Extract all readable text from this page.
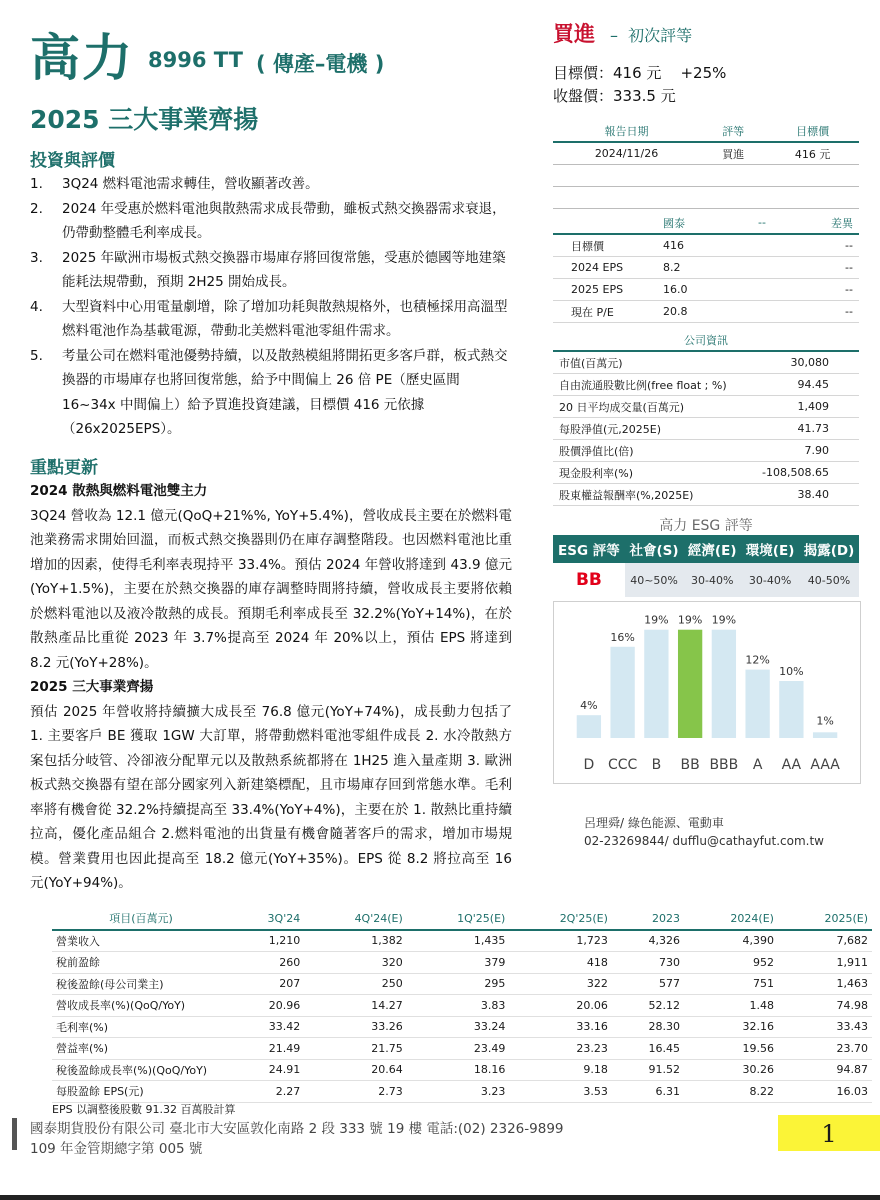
高力 8996 TT ( 傳產–電機 )
2025 三大事業齊揚
投資與評價
1. 3Q24 燃料電池需求轉佳，營收顯著改善。
2. 2024 年受惠於燃料電池與散熱需求成長帶動，雖板式熱交換器需求衰退，仍帶動整體毛利率成長。
3. 2025 年歐洲市場板式熱交換器市場庫存將回復常態，受惠於德國等地建築能耗法規帶動，預期 2H25 開始成長。
4. 大型資料中心用電量劇增，除了增加功耗與散熱規格外，也積極採用高溫型燃料電池作為基載電源，帶動北美燃料電池零組件需求。
5. 考量公司在燃料電池優勢持續，以及散熱模組將開拓更多客戶群，板式熱交換器的市場庫存也將回復常態，給予中間偏上 26 倍 PE（歷史區間 16~34x 中間偏上）給予買進投資建議，目標價 416 元依據（26x2025EPS）。
重點更新
2024 散熱與燃料電池雙主力
3Q24 營收為 12.1 億元(QoQ+21%%, YoY+5.4%)，營收成長主要在於燃料電池業務需求開始回溫，而板式熱交換器則仍在庫存調整階段。也因燃料電池比重增加的因素，使得毛利率表現持平 33.4%。預估 2024 年營收將達到 43.9 億元(YoY+1.5%)，主要在於熱交換器的庫存調整時間將持續，營收成長主要將依賴於燃料電池以及液冷散熱的成長。預期毛利率成長至 32.2%(YoY+14%)，在於散熱產品比重從 2023 年 3.7%提高至 2024 年 20%以上，預估 EPS 將達到 8.2 元(YoY+28%)。
2025 三大事業齊揚
預估 2025 年營收將持續擴大成長至 76.8 億元(YoY+74%)，成長動力包括了 1. 主要客戶 BE 獲取 1GW 大訂單，將帶動燃料電池零組件成長 2. 水冷散熱方案包括分岐管、冷卻液分配單元以及散熱系統都將在 1H25 進入量產期 3. 歐洲板式熱交換器有望在部分國家列入新建築標配，且市場庫存回到常態水準。毛利率將有機會從 32.2%持續提高至 33.4%(YoY+4%)，主要在於 1. 散熱比重持續拉高，優化產品組合 2.燃料電池的出貨量有機會隨著客戶的需求，增加市場規模。營業費用也因此提高至 18.2 億元(YoY+35%)。EPS 從 8.2 將拉高至 16 元(YoY+94%)。
買進 – 初次評等
目標價：416 元 +25%
收盤價：333.5 元
報告日期	評等	目標價
2024/11/26	買進	416 元

	國泰	--	差異
目標價	416		--
2024 EPS	8.2		--
2025 EPS	16.0		--
現在 P/E	20.8		--
公司資訊
市值(百萬元)	30,080
自由流通股數比例(free float ; %)	94.45
20 日平均成交量(百萬元)	1,409
每股淨值(元,2025E)	41.73
股價淨值比(倍)	7.90
現金股利率(%)	-108,508.65
股東權益報酬率(%,2025E)	38.40
高力 ESG 評等
ESG 評等	社會(S)	經濟(E)	環境(E)	揭露(D)
BB	40~50%	30-40%	30-40%	40-50%
4%
D
16%
CCC
19%
B
19%
BB
19%
BBB
12%
A
10%
AA
1%
AAA
呂理舜/ 綠色能源、電動車
02-23269844/ dufflu@cathayfut.com.tw
項目(百萬元)	3Q'24	4Q'24(E)	1Q'25(E)	2Q'25(E)	2023	2024(E)	2025(E)
營業收入	1,210	1,382	1,435	1,723	4,326	4,390	7,682
稅前盈餘	260	320	379	418	730	952	1,911
稅後盈餘(母公司業主)	207	250	295	322	577	751	1,463
營收成長率(%)(QoQ/YoY)	20.96	14.27	3.83	20.06	52.12	1.48	74.98
毛利率(%)	33.42	33.26	33.24	33.16	28.30	32.16	33.43
營益率(%)	21.49	21.75	23.49	23.23	16.45	19.56	23.70
稅後盈餘成長率(%)(QoQ/YoY)	24.91	20.64	18.16	9.18	91.52	30.26	94.87
每股盈餘 EPS(元)	2.27	2.73	3.23	3.53	6.31	8.22	16.03
EPS 以調整後股數 91.32 百萬股計算
國泰期貨股份有限公司 臺北市大安區敦化南路 2 段 333 號 19 樓 電話:(02) 2326-9899
109 年金管期總字第 005 號
1
